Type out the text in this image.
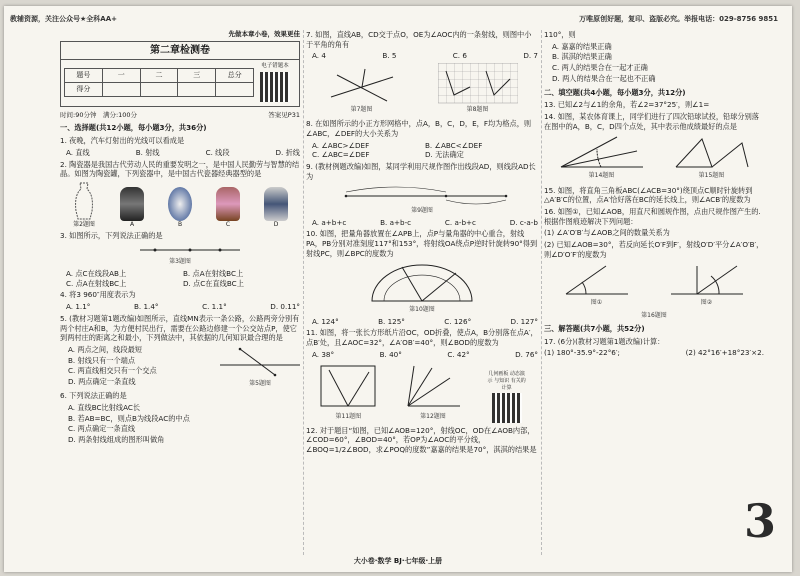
教辅资源，关注公众号★全科AA+	万唯原创好题，复印、盗版必究。举报电话：029-8756 9851
先做本章小卷，效果更佳
第二章检测卷
题号	一	二	三	总分
得分				
电子错题本
时间:90分钟　满分:100分	答案见P31
一、选择题(共12小题，每小题3分，共36分)
1. 夜晚，汽车灯射出的光线可以看成是
A. 直线	B. 射线	C. 线段	D. 折线
2. 陶瓷器是我国古代劳动人民的重要发明之一，是中国人民勤劳与智慧的结晶。如图为陶瓷罐，下列瓷器中，是中国古代瓷器经典器型的是
第2题图	A	B	C	D
3. 如图所示，下列说法正确的是
第3题图
A. 点C在线段AB上	B. 点A在射线BC上
C. 点A在射线BC上	D. 点C在直线BC上
4. 将3 960″用度表示为
A. 1.1°	B. 1.4°	C. 1.1°	D. 0.11°
5. (教材习题第1题改编)如图所示，直线MN表示一条公路，公路两旁分别有两个村庄A和B，为方便村民出行，需要在公路边修建一个公交站点P，使它到两村庄的距离之和最小，下列做法中，其依据的几何知识最合理的是
A. 两点之间，线段最短
B. 射线只有一个端点
C. 两直线相交只有一个交点
D. 两点确定一条直线	第5题图
6. 下列说法正确的是
A. 直线BC比射线AC长
B. 若AB=BC，则点B为线段AC的中点
C. 两点确定一条直线
D. 两条射线组成的图形叫做角
7. 如图，直线AB，CD交于点O，OE为∠AOC内的一条射线，则图中小于平角的角有
A. 4	B. 5	C. 6	D. 7
第7题图	第8题图
8. 在如图所示的小正方形网格中，点A，B，C，D，E，F均为格点，则∠ABC，∠DEF的大小关系为
A. ∠ABC>∠DEF	B. ∠ABC<∠DEF
C. ∠ABC=∠DEF	D. 无法确定
9. (教材例题改编)如图，某同学利用尺规作图作出线段AD，则线段AD长为
第9题图
A. a+b+c	B. a+b-c	C. a-b+c	D. c-a-b
10. 如图，把量角器放置在∠APB上，点P与量角器的中心重合，射线PA，PB分别对准刻度117°和153°，将射线OA绕点P逆时针旋转90°得到射线PC，则∠BPC的度数为
第10题图
A. 124°	B. 125°	C. 126°	D. 127°
11. 如图，将一张长方形纸片沿OC，OD折叠，使点A，B分别落在点A′，点B′处，且∠AOC=32°，∠A′OB′=40°，则∠BOD的度数为
A. 38°	B. 40°	C. 42°	D. 76°
第11题图	第12题图
几何画板 动态演示 与知识 有关的计算
12. 对于题目“如图，已知∠AOB=120°，射线OC，OD在∠AOB内部，∠COD=60°，∠BOD=40°，若OP为∠AOC的平分线，∠BOQ=1/2∠BOD，求∠POQ的度数”嘉嘉的结果是70°，淇淇的结果是
110°，则
A. 嘉嘉的结果正确
B. 淇淇的结果正确
C. 两人的结果合在一起才正确
D. 两人的结果合在一起也不正确
二、填空题(共4小题，每小题3分，共12分)
13. 已知∠2与∠1的余角，若∠2=37°25′，则∠1=
14. 如图，某农体育课上，同学们进行了四次铅球试投，铅球分别落在图中的A，B，C，D四个点处，其中表示他成绩最好的点是
第14题图	第15题图
15. 如图，将直角三角板ABC(∠ACB=30°)绕顶点C顺时针旋转到△A′B′C的位置，点A′恰好落在BC的延长线上，则∠ACB′的度数为
16. 如图①，已知∠AOB，用直尺和圆规作图，点由尺规作图产生的.根据作图痕迹解决下列问题：
(1) ∠A′O′B′与∠AOB之间的数量关系为
(2) 已知∠AOB=30°，若反向延长O′F到F′，射线O′D′平分∠A′O′B′，则∠D′O′F′的度数为
图①	图②
第16题图
三、解答题(共7小题，共52分)
17. (6分)(教材习题第1题改编)计算：
(1) 180°-35.9°-22°6′;	(2) 42°16′+18°23′×2.
大小卷·数学 BJ·七年级·上册
3
